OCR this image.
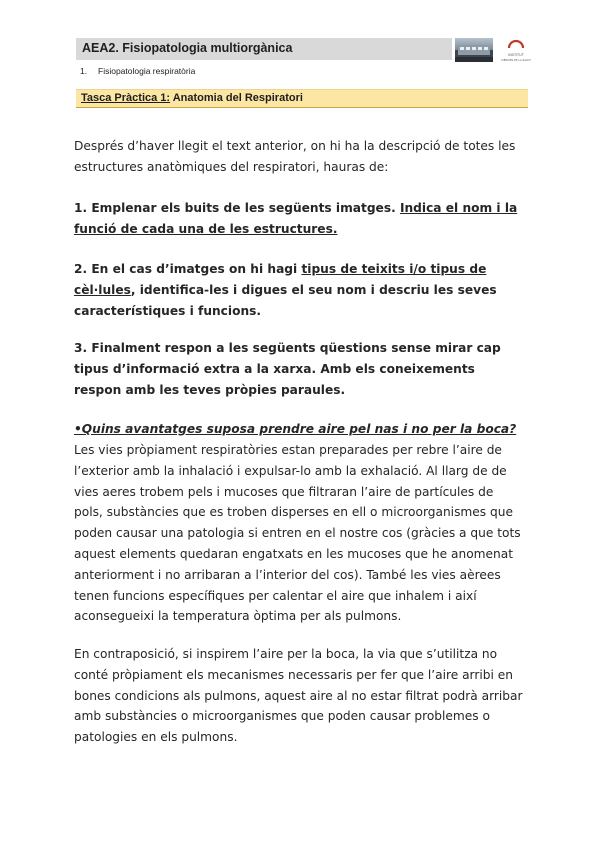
AEA2. Fisiopatologia multiorgànica
1. Fisiopatologia respiratòria
INSTITUT
CIÈNCIES DE LA SALUT
Tasca Pràctica 1: Anatomia del Respiratori
Després d’haver llegit el text anterior, on hi ha la descripció de totes les estructures anatòmiques del respiratori, hauras de:
1. Emplenar els buits de les següents imatges. Indica el nom i la funció de cada una de les estructures.
2. En el cas d’imatges on hi hagi tipus de teixits i/o tipus de cèl·lules, identifica-les i digues el seu nom i descriu les seves característiques i funcions.
3. Finalment respon a les següents qüestions sense mirar cap tipus d’informació extra a la xarxa. Amb els coneixements respon amb les teves pròpies paraules.
•Quins avantatges suposa prendre aire pel nas i no per la boca?
Les vies pròpiament respiratòries estan preparades per rebre l’aire de l’exterior amb la inhalació i expulsar-lo amb la exhalació. Al llarg de de vies aeres trobem pels i mucoses que filtraran l’aire de partícules de pols, substàncies que es troben disperses en ell o microorganismes que poden causar una patologia si entren en el nostre cos (gràcies a que tots aquest elements quedaran engatxats en les mucoses que he anomenat anteriorment i no arribaran a l’interior del cos). També les vies aèrees tenen funcions específiques per calentar el aire que inhalem i així aconsegueixi la temperatura òptima per als pulmons.
En contraposició, si inspirem l’aire per la boca, la via que s’utilitza no conté pròpiament els mecanismes necessaris per fer que l’aire arribi en bones condicions als pulmons, aquest aire al no estar filtrat podrà arribar amb substàncies o microorganismes que poden causar problemes o patologies en els pulmons.
